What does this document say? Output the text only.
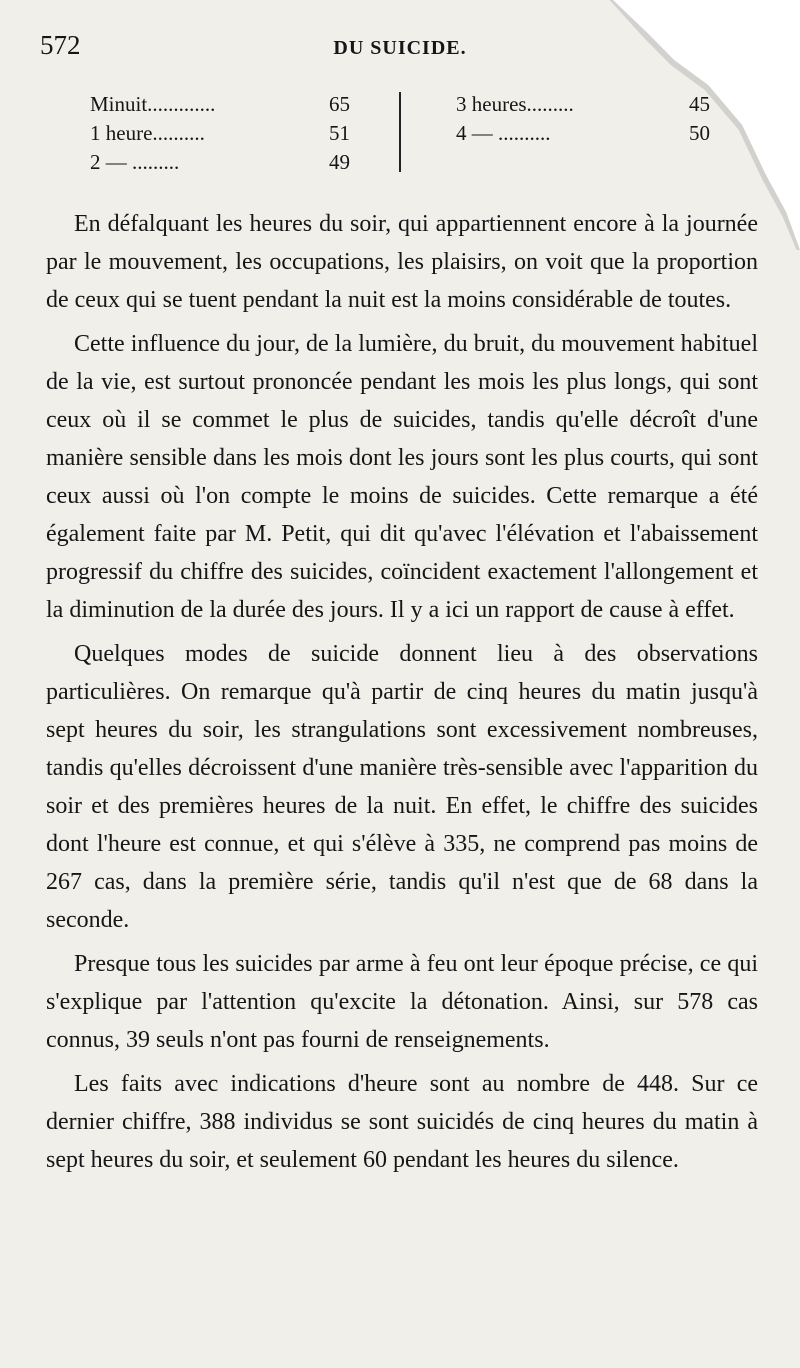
572	DU SUICIDE.
Minuit.............	65
1 heure..........	51
2 — .........	49
3 heures.........	45
4 — ..........	50

En défalquant les heures du soir, qui appartiennent encore à la journée par le mouvement, les occupations, les plaisirs, on voit que la proportion de ceux qui se tuent pendant la nuit est la moins considérable de toutes.

Cette influence du jour, de la lumière, du bruit, du mouvement habituel de la vie, est surtout prononcée pendant les mois les plus longs, qui sont ceux où il se commet le plus de suicides, tandis qu'elle décroît d'une manière sensible dans les mois dont les jours sont les plus courts, qui sont ceux aussi où l'on compte le moins de suicides. Cette remarque a été également faite par M. Petit, qui dit qu'avec l'élévation et l'abaissement progressif du chiffre des suicides, coïncident exactement l'allongement et la diminution de la durée des jours. Il y a ici un rapport de cause à effet.

Quelques modes de suicide donnent lieu à des observations particulières. On remarque qu'à partir de cinq heures du matin jusqu'à sept heures du soir, les strangulations sont excessivement nombreuses, tandis qu'elles décroissent d'une manière très-sensible avec l'apparition du soir et des premières heures de la nuit. En effet, le chiffre des suicides dont l'heure est connue, et qui s'élève à 335, ne comprend pas moins de 267 cas, dans la première série, tandis qu'il n'est que de 68 dans la seconde.

Presque tous les suicides par arme à feu ont leur époque précise, ce qui s'explique par l'attention qu'excite la détonation. Ainsi, sur 578 cas connus, 39 seuls n'ont pas fourni de renseignements.

Les faits avec indications d'heure sont au nombre de 448. Sur ce dernier chiffre, 388 individus se sont suicidés de cinq heures du matin à sept heures du soir, et seulement 60 pendant les heures du silence.
